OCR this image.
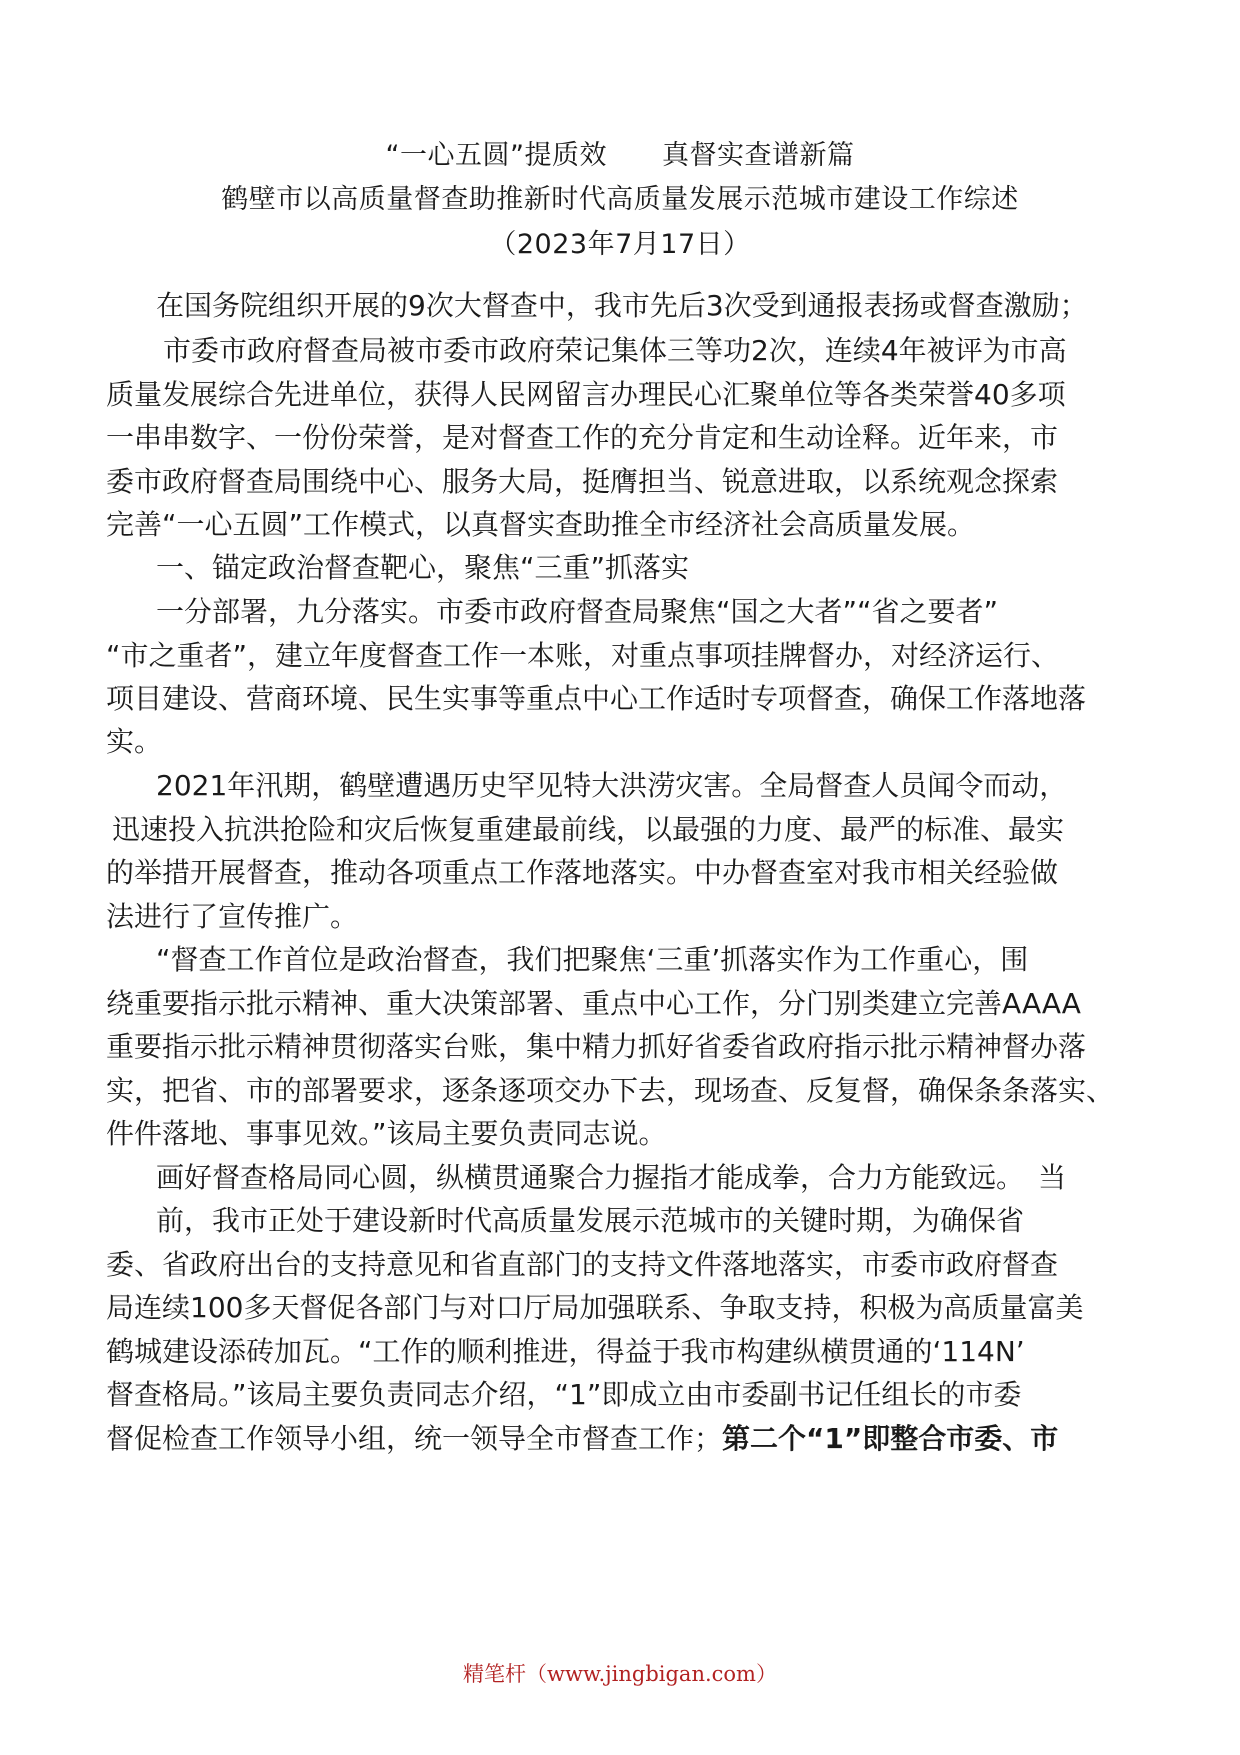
“一心五圆”提质效　　真督实查谱新篇
鹤壁市以高质量督查助推新时代高质量发展示范城市建设工作综述
（2023年7月17日）
在国务院组织开展的9次大督查中，我市先后3次受到通报表扬或督查激励；
市委市政府督查局被市委市政府荣记集体三等功2次，连续4年被评为市高
质量发展综合先进单位，获得人民网留言办理民心汇聚单位等各类荣誉40多项
一串串数字、一份份荣誉，是对督查工作的充分肯定和生动诠释。近年来，市
委市政府督查局围绕中心、服务大局，挺膺担当、锐意进取，以系统观念探索
完善“一心五圆”工作模式，以真督实查助推全市经济社会高质量发展。
一、锚定政治督查靶心，聚焦“三重”抓落实
一分部署，九分落实。市委市政府督查局聚焦“国之大者”“省之要者”
“市之重者”，建立年度督查工作一本账，对重点事项挂牌督办，对经济运行、
项目建设、营商环境、民生实事等重点中心工作适时专项督查，确保工作落地落
实。
2021年汛期，鹤壁遭遇历史罕见特大洪涝灾害。全局督查人员闻令而动，
迅速投入抗洪抢险和灾后恢复重建最前线，以最强的力度、最严的标准、最实
的举措开展督查，推动各项重点工作落地落实。中办督查室对我市相关经验做
法进行了宣传推广。
“督查工作首位是政治督查，我们把聚焦‘三重’抓落实作为工作重心，围
绕重要指示批示精神、重大决策部署、重点中心工作，分门别类建立完善AAAA
重要指示批示精神贯彻落实台账，集中精力抓好省委省政府指示批示精神督办落
实，把省、市的部署要求，逐条逐项交办下去，现场查、反复督，确保条条落实、
件件落地、事事见效。”该局主要负责同志说。
画好督查格局同心圆，纵横贯通聚合力握指才能成拳，合力方能致远。　当
前，我市正处于建设新时代高质量发展示范城市的关键时期，为确保省
委、省政府出台的支持意见和省直部门的支持文件落地落实，市委市政府督查
局连续100多天督促各部门与对口厅局加强联系、争取支持，积极为高质量富美
鹤城建设添砖加瓦。“工作的顺利推进，得益于我市构建纵横贯通的‘114N’
督查格局。”该局主要负责同志介绍，“1”即成立由市委副书记任组长的市委
督促检查工作领导小组，统一领导全市督查工作；第二个“1”即整合市委、市
精笔杆（www.jingbigan.com）
